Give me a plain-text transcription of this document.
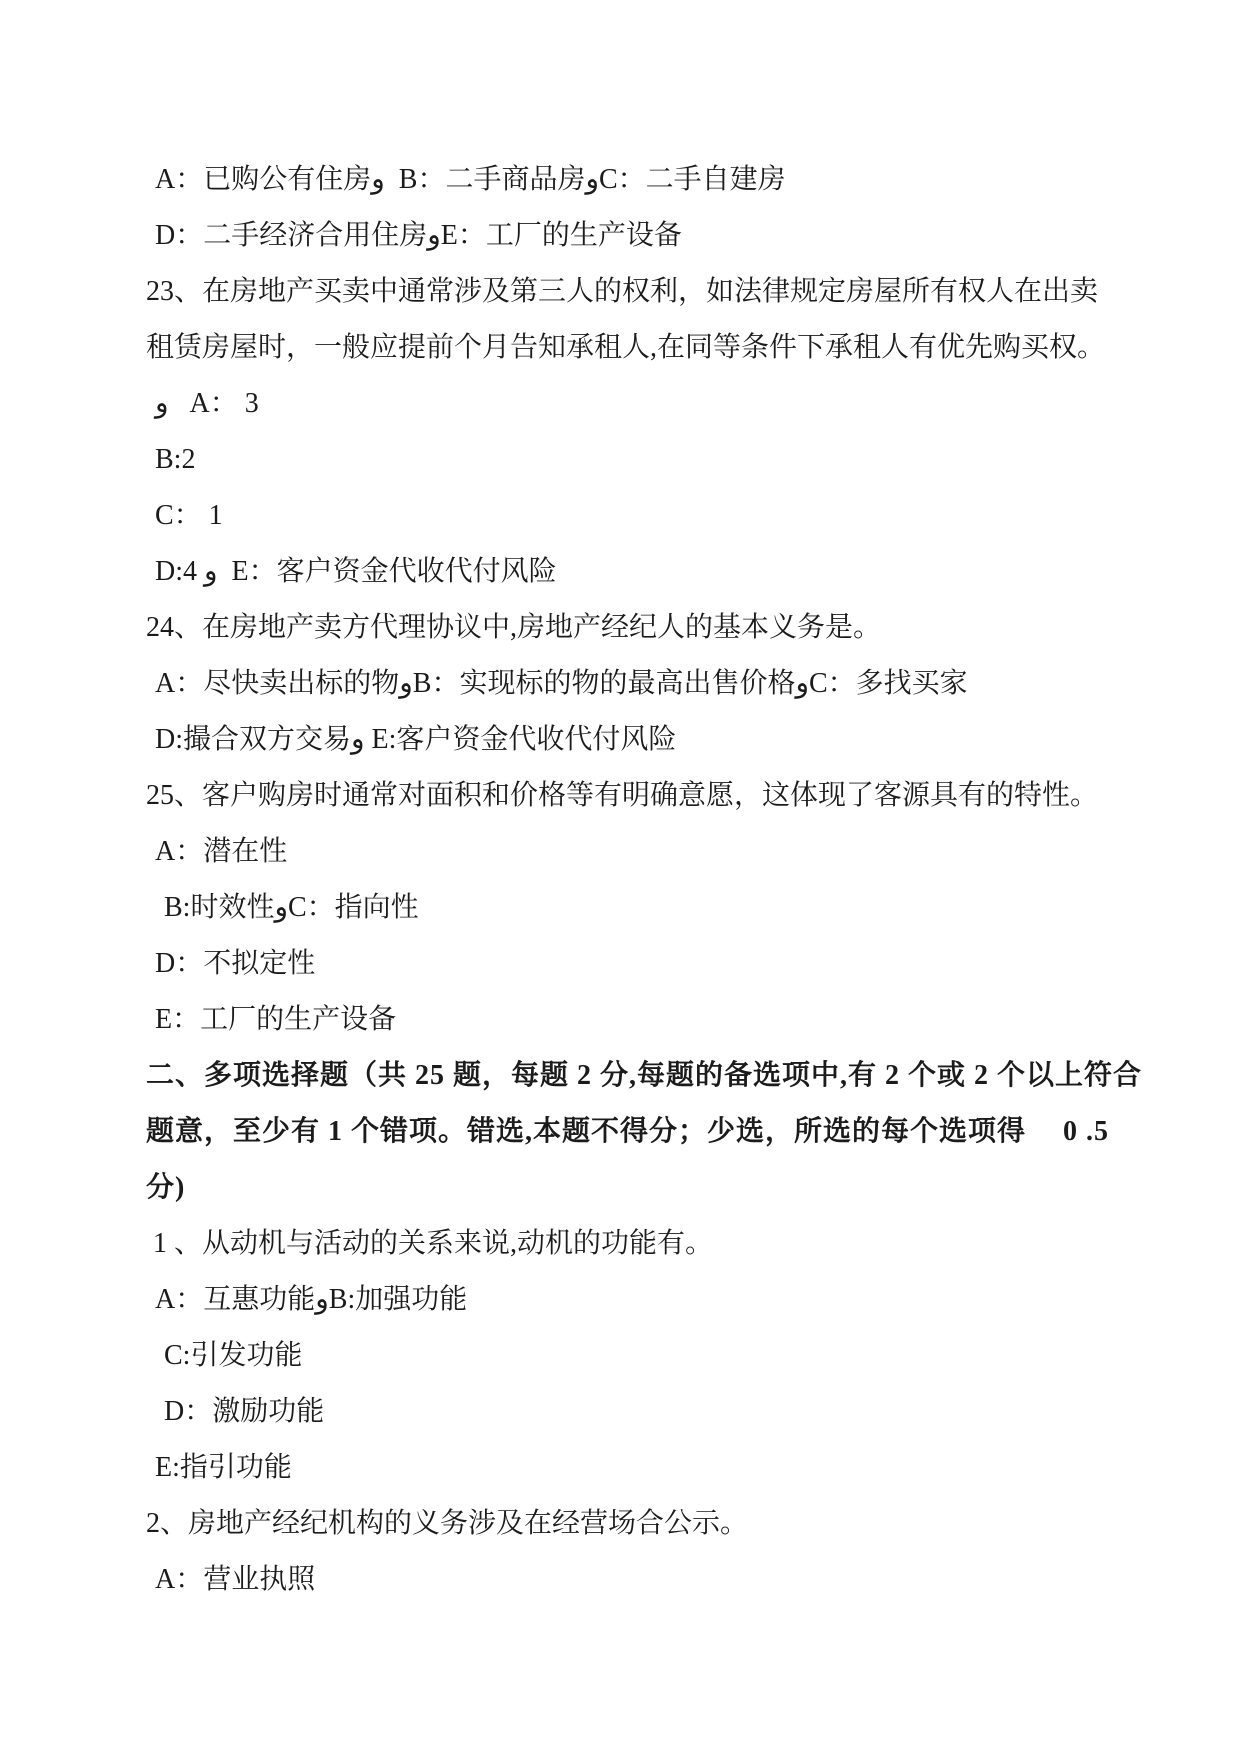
A：已购公有住房و  B：二手商品房وC：二手自建房

D：二手经济合用住房وE：工厂的生产设备

23、在房地产买卖中通常涉及第三人的权利，如法律规定房屋所有权人在出卖

租赁房屋时，一般应提前个月告知承租人,在同等条件下承租人有优先购买权。

و   A： 3

B:2

C： 1

D:4 و  E：客户资金代收代付风险

24、在房地产卖方代理协议中,房地产经纪人的基本义务是。

A：尽快卖出标的物وB：实现标的物的最高出售价格وC：多找买家

D:撮合双方交易و E:客户资金代收代付风险

25、客户购房时通常对面积和价格等有明确意愿，这体现了客源具有的特性。

A：潜在性

B:时效性وC：指向性

D：不拟定性

E：工厂的生产设备

二、多项选择题（共 25 题，每题 2 分,每题的备选项中,有 2 个或 2 个以上符合

题意，至少有 1 个错项。错选,本题不得分；少选，所选的每个选项得　 0 .5

分)

1 、从动机与活动的关系来说,动机的功能有。

A：互惠功能وB:加强功能

C:引发功能

D：激励功能

E:指引功能

2、房地产经纪机构的义务涉及在经营场合公示。

A：营业执照
